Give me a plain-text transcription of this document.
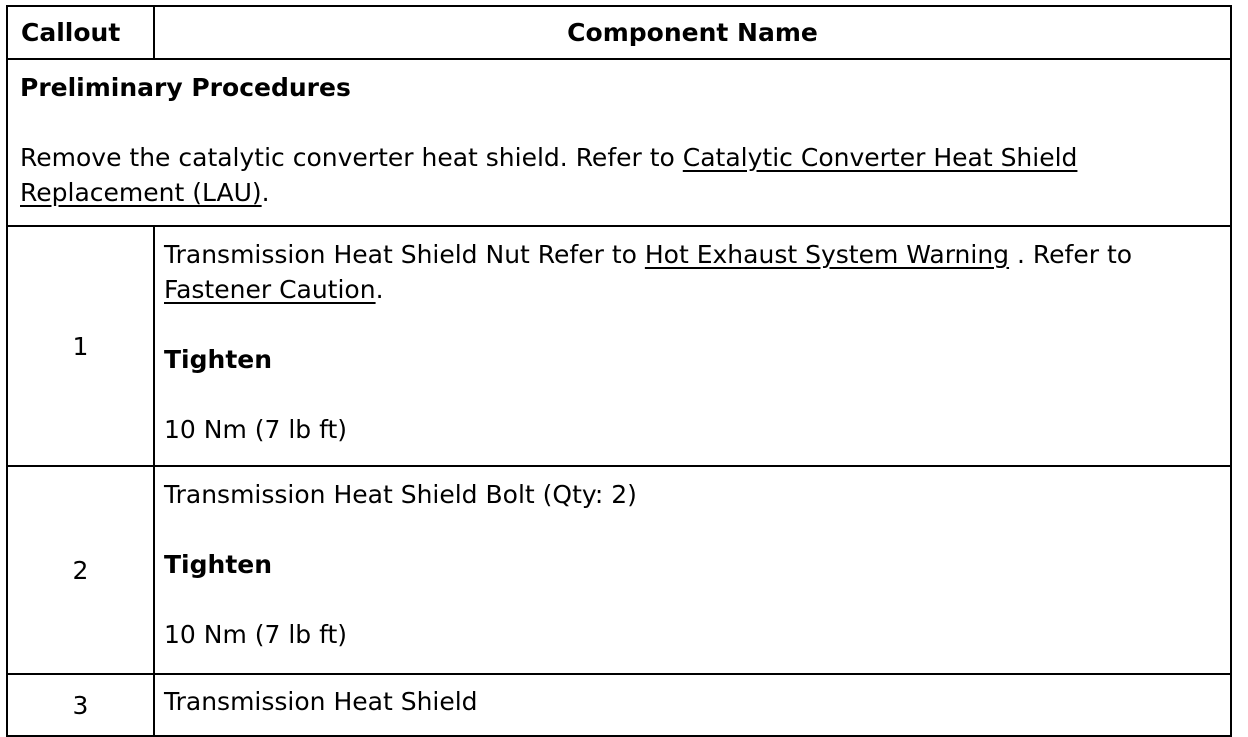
Callout	Component Name

Preliminary Procedures
Remove the catalytic converter heat shield. Refer to Catalytic Converter Heat Shield Replacement (LAU).	

1	Transmission Heat Shield Nut Refer to Hot Exhaust System Warning . Refer to Fastener Caution.
Tighten
10 Nm (7 lb ft)

2	Transmission Heat Shield Bolt (Qty: 2)
Tighten
10 Nm (7 lb ft)

3	Transmission Heat Shield
